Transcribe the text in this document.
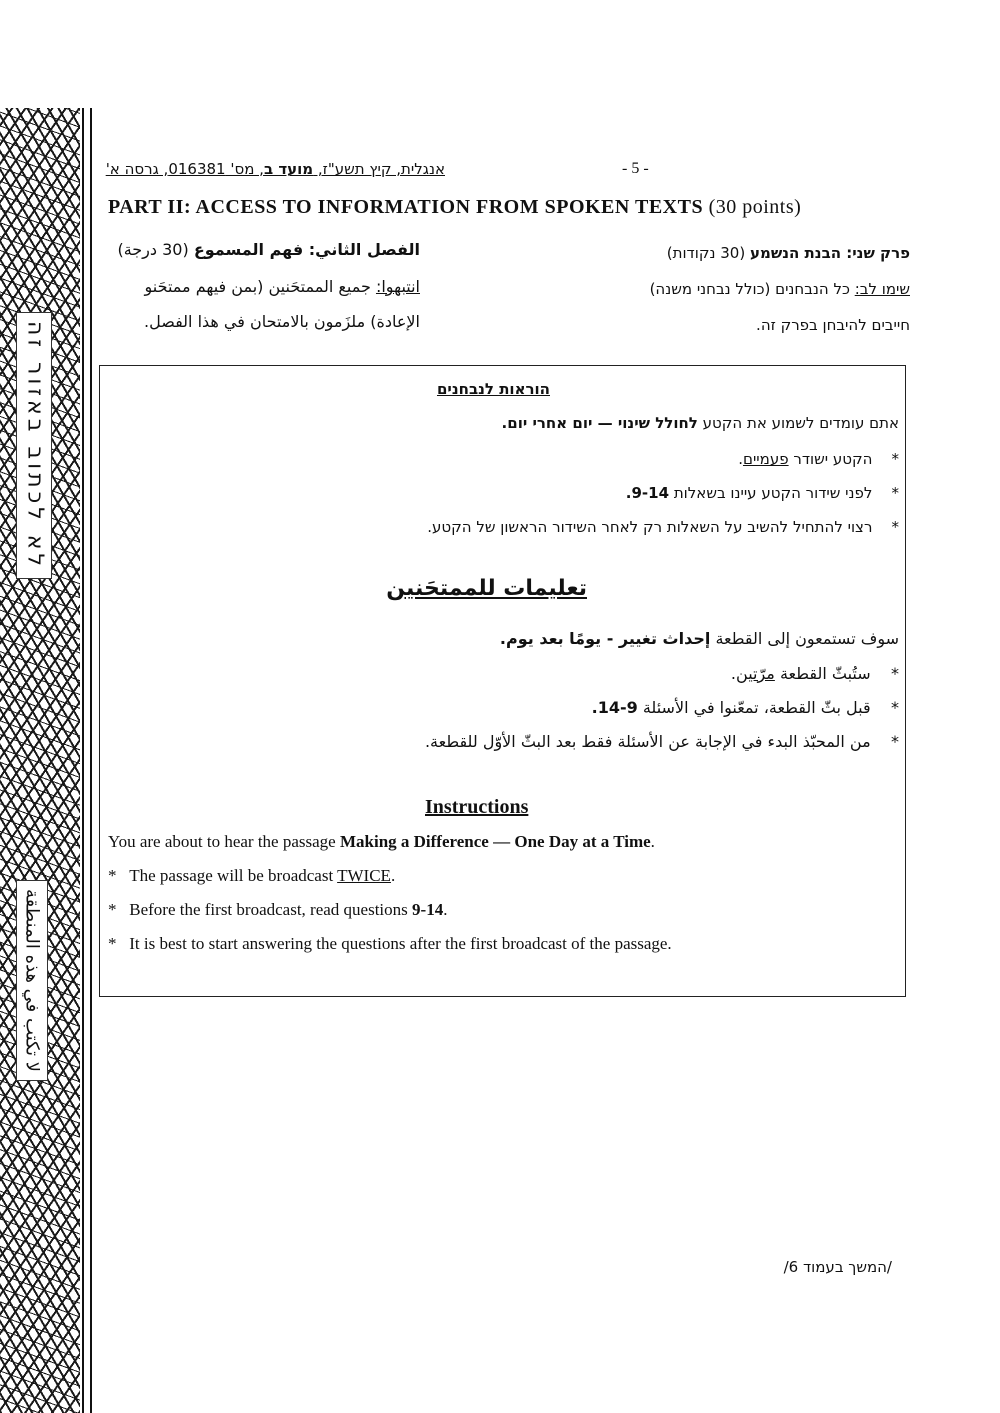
לא לכתוב באזור זה
لا تكتب في هذه المنطقة
אנגלית, קיץ תשע"ז, מועד ב, מס' 016381, גרסה א'	- 5 -
PART II: ACCESS TO INFORMATION FROM SPOKEN TEXTS (30 points)
פרק שני: הבנת הנשמע (30 נקודות)
שימו לב: כל הנבחנים (כולל נבחני משנה)
חייבים להיבחן בפרק זה.
الفصل الثاني: فهم المسموع (30 درجة)
انتبهوا: جميع الممتحَنين (بمن فيهم ممتحَنو
الإعادة) ملزَمون بالامتحان في هذا الفصل.
הוראות לנבחנים
אתם עומדים לשמוע את הקטע לחולל שינוי — יום אחרי יום.
*    הקטע ישודר פעמיים.
*    לפני שידור הקטע עיינו בשאלות 9-14.
*    רצוי להתחיל להשיב על השאלות רק לאחר השידור הראשון של הקטע.
تعليمات للممتحَنين
سوف تستمعون إلى القطعة إحداث تغيير - يومًا بعد يوم.
*    ستُبثّ القطعة مرّتين.
*    قبل بثّ القطعة، تمعّنوا في الأسئلة 9-14.
*    من المحبّذ البدء في الإجابة عن الأسئلة فقط بعد البثّ الأوّل للقطعة.
Instructions
You are about to hear the passage Making a Difference — One Day at a Time.
* The passage will be broadcast TWICE.
* Before the first broadcast, read questions 9-14.
* It is best to start answering the questions after the first broadcast of the passage.
/המשך בעמוד 6/
